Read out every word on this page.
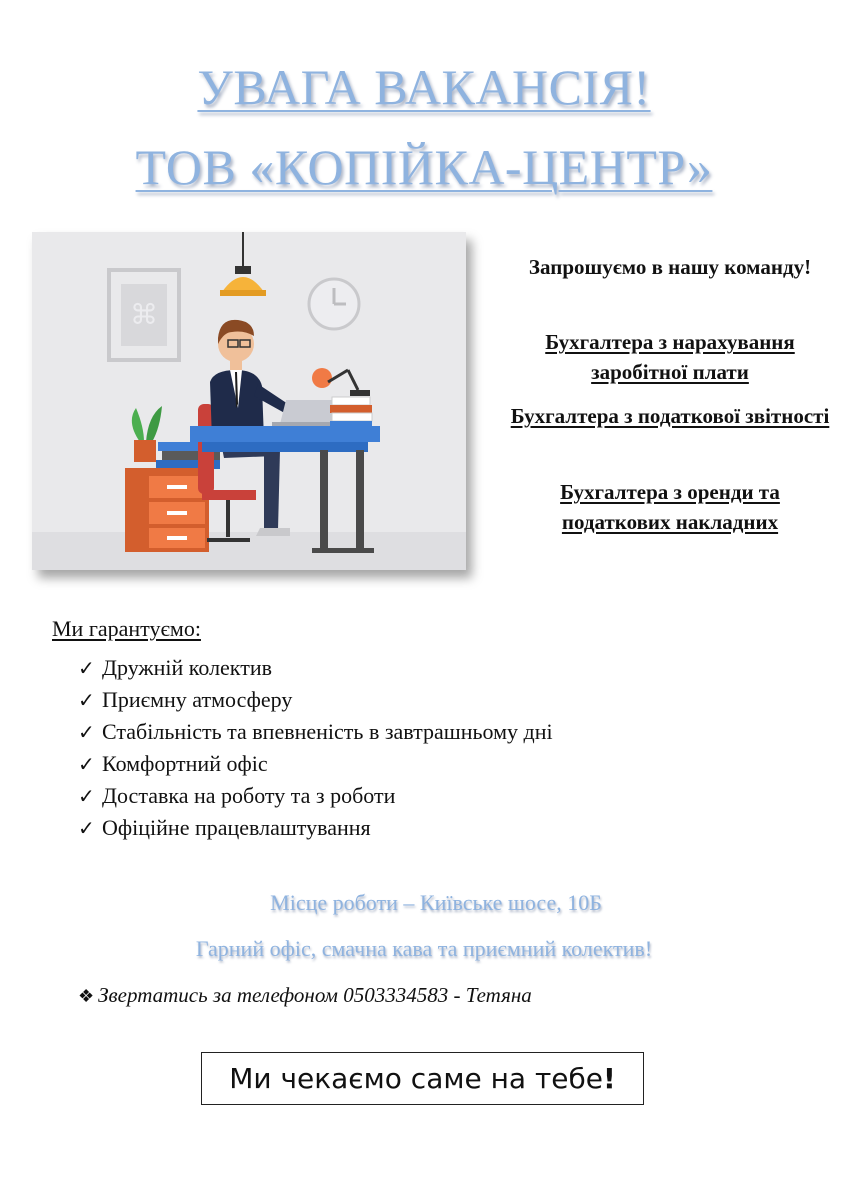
УВАГА ВАКАНСІЯ!
ТОВ «КОПІЙКА-ЦЕНТР»
⌘
Запрошуємо в нашу команду!
Бухгалтера з нарахування заробітної плати
Бухгалтера з податкової звітності
Бухгалтера з оренди та податкових накладних
Ми гарантуємо:
✓ Дружній колектив
✓ Приємну атмосферу
✓ Стабільність та впевненість в завтрашньому дні
✓ Комфортний офіс
✓ Доставка на роботу та з роботи
✓ Офіційне працевлаштування
Місце роботи – Київське шосе, 10Б
Гарний офіс, смачна кава та приємний колектив!
❖ Звертатись за телефоном 0503334583 - Тетяна
Ми чекаємо саме на тебе !
